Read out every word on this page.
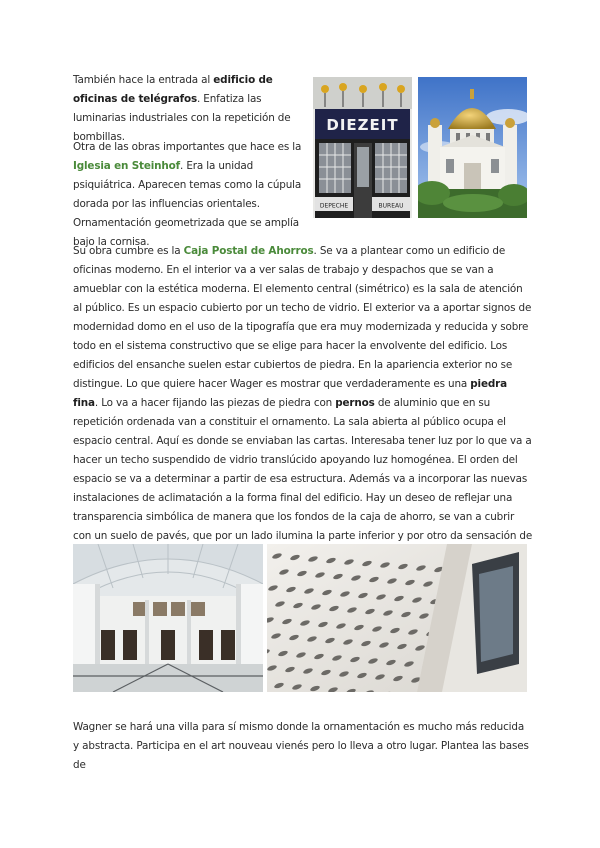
También hace la entrada al edificio de oficinas de telégrafos. Enfatiza las luminarias industriales con la repetición de bombillas.

Otra de las obras importantes que hace es la Iglesia en Steinhof. Era la unidad psiquiátrica. Aparecen temas como la cúpula dorada por las influencias orientales. Ornamentación geometrizada que se amplía bajo la cornisa.

Su obra cumbre es la Caja Postal de Ahorros. Se va a plantear como un edificio de oficinas moderno. En el interior va a ver salas de trabajo y despachos que se van a amueblar con la estética moderna. El elemento central (simétrico) es la sala de atención al público. Es un espacio cubierto por un techo de vidrio. El exterior va a aportar signos de modernidad domo en el uso de la tipografía que era muy modernizada y reducida y sobre todo en el sistema constructivo que se elige para hacer la envolvente del edificio. Los edificios del ensanche suelen estar cubiertos de piedra. En la apariencia exterior no se distingue. Lo que quiere hacer Wager es mostrar que verdaderamente es una piedra fina. Lo va a hacer fijando las piezas de piedra con pernos de aluminio que en su repetición ordenada van a constituir el ornamento. La sala abierta al público ocupa el espacio central. Aquí es donde se enviaban las cartas. Interesaba tener luz por lo que va a hacer un techo suspendido de vidrio translúcido apoyando luz homogénea. El orden del espacio se va a determinar a partir de esa estructura. Además va a incorporar las nuevas instalaciones de aclimatación a la forma final del edificio. Hay un deseo de reflejar una transparencia simbólica de manera que los fondos de la caja de ahorro, se van a cubrir con un suelo de pavés, que por un lado ilumina la parte inferior y por otro da sensación de

Wagner se hará una villa para sí mismo donde la ornamentación es mucho más reducida y abstracta. Participa en el art nouveau vienés pero lo lleva a otro lugar. Plantea las bases de

DIEZEIT
DEPECHE	BUREAU
